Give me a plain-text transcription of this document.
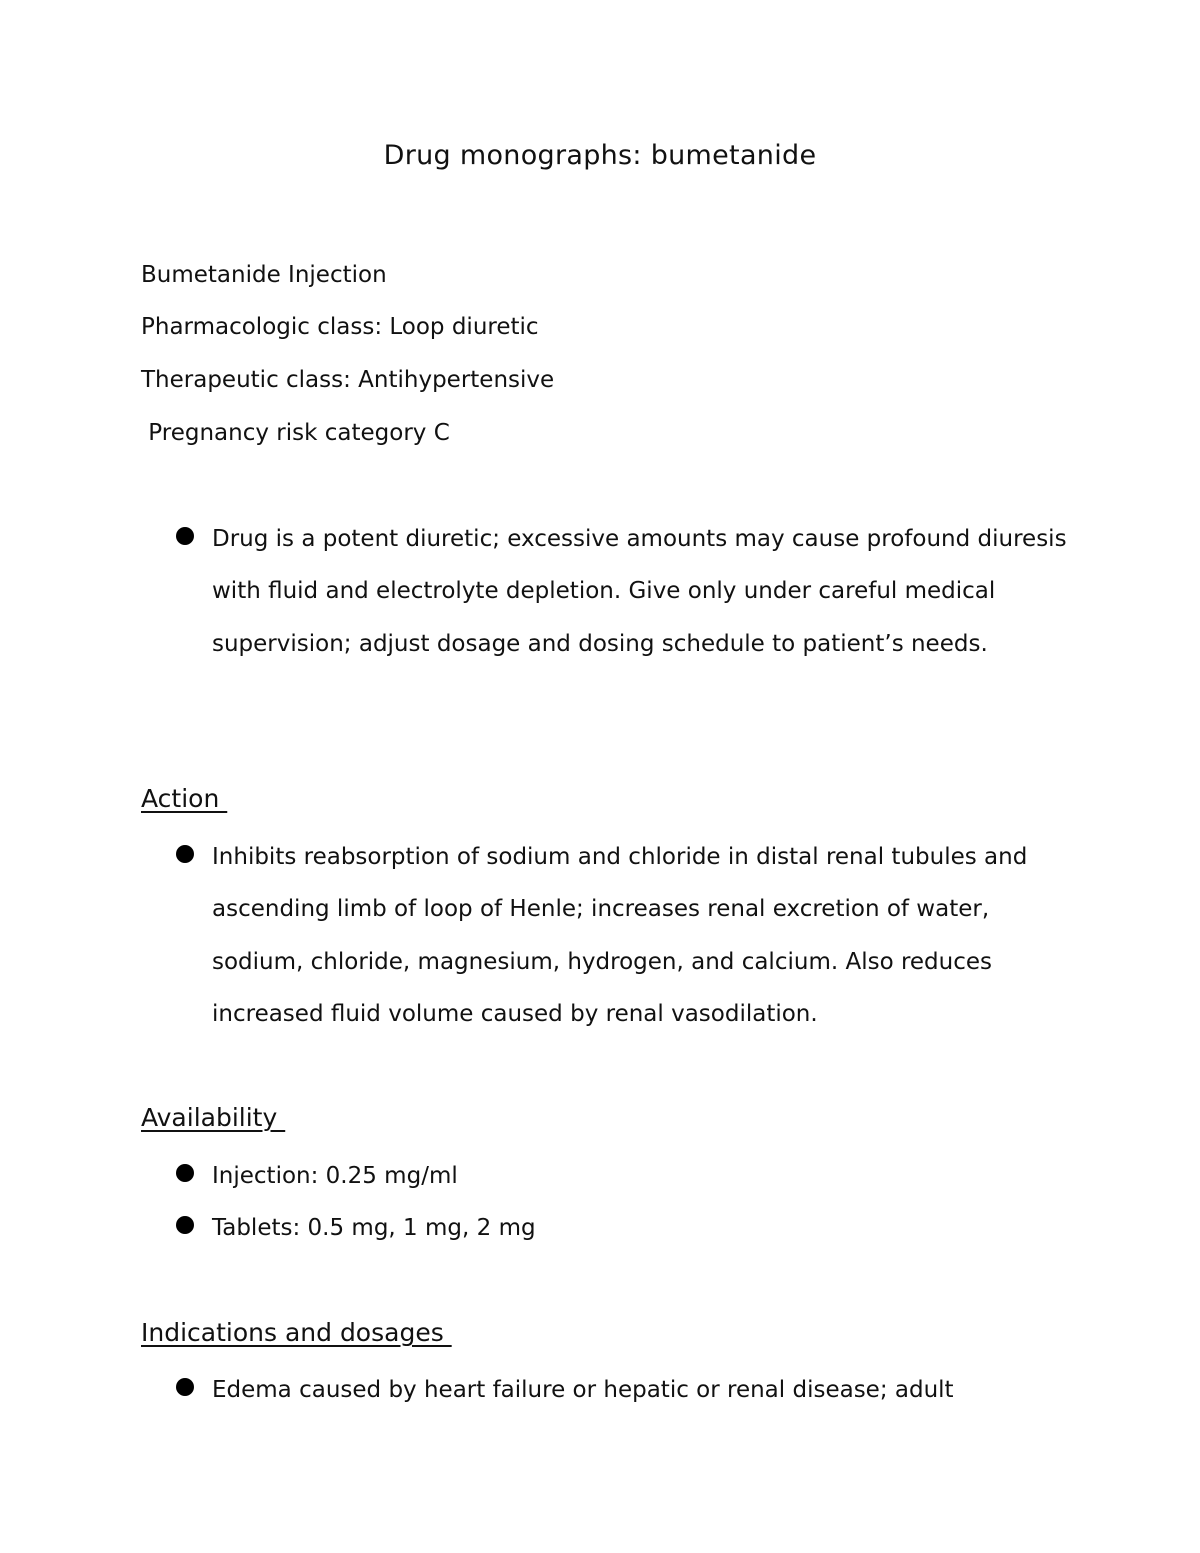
Drug monographs: bumetanide
Bumetanide Injection
Pharmacologic class: Loop diuretic
Therapeutic class: Antihypertensive
Pregnancy risk category C
Drug is a potent diuretic; excessive amounts may cause profound diuresis with fluid and electrolyte depletion. Give only under careful medical supervision; adjust dosage and dosing schedule to patient’s needs.
Action
Inhibits reabsorption of sodium and chloride in distal renal tubules and ascending limb of loop of Henle; increases renal excretion of water, sodium, chloride, magnesium, hydrogen, and calcium. Also reduces increased fluid volume caused by renal vasodilation.
Availability
Injection: 0.25 mg/ml
Tablets: 0.5 mg, 1 mg, 2 mg
Indications and dosages
Edema caused by heart failure or hepatic or renal disease; adult
